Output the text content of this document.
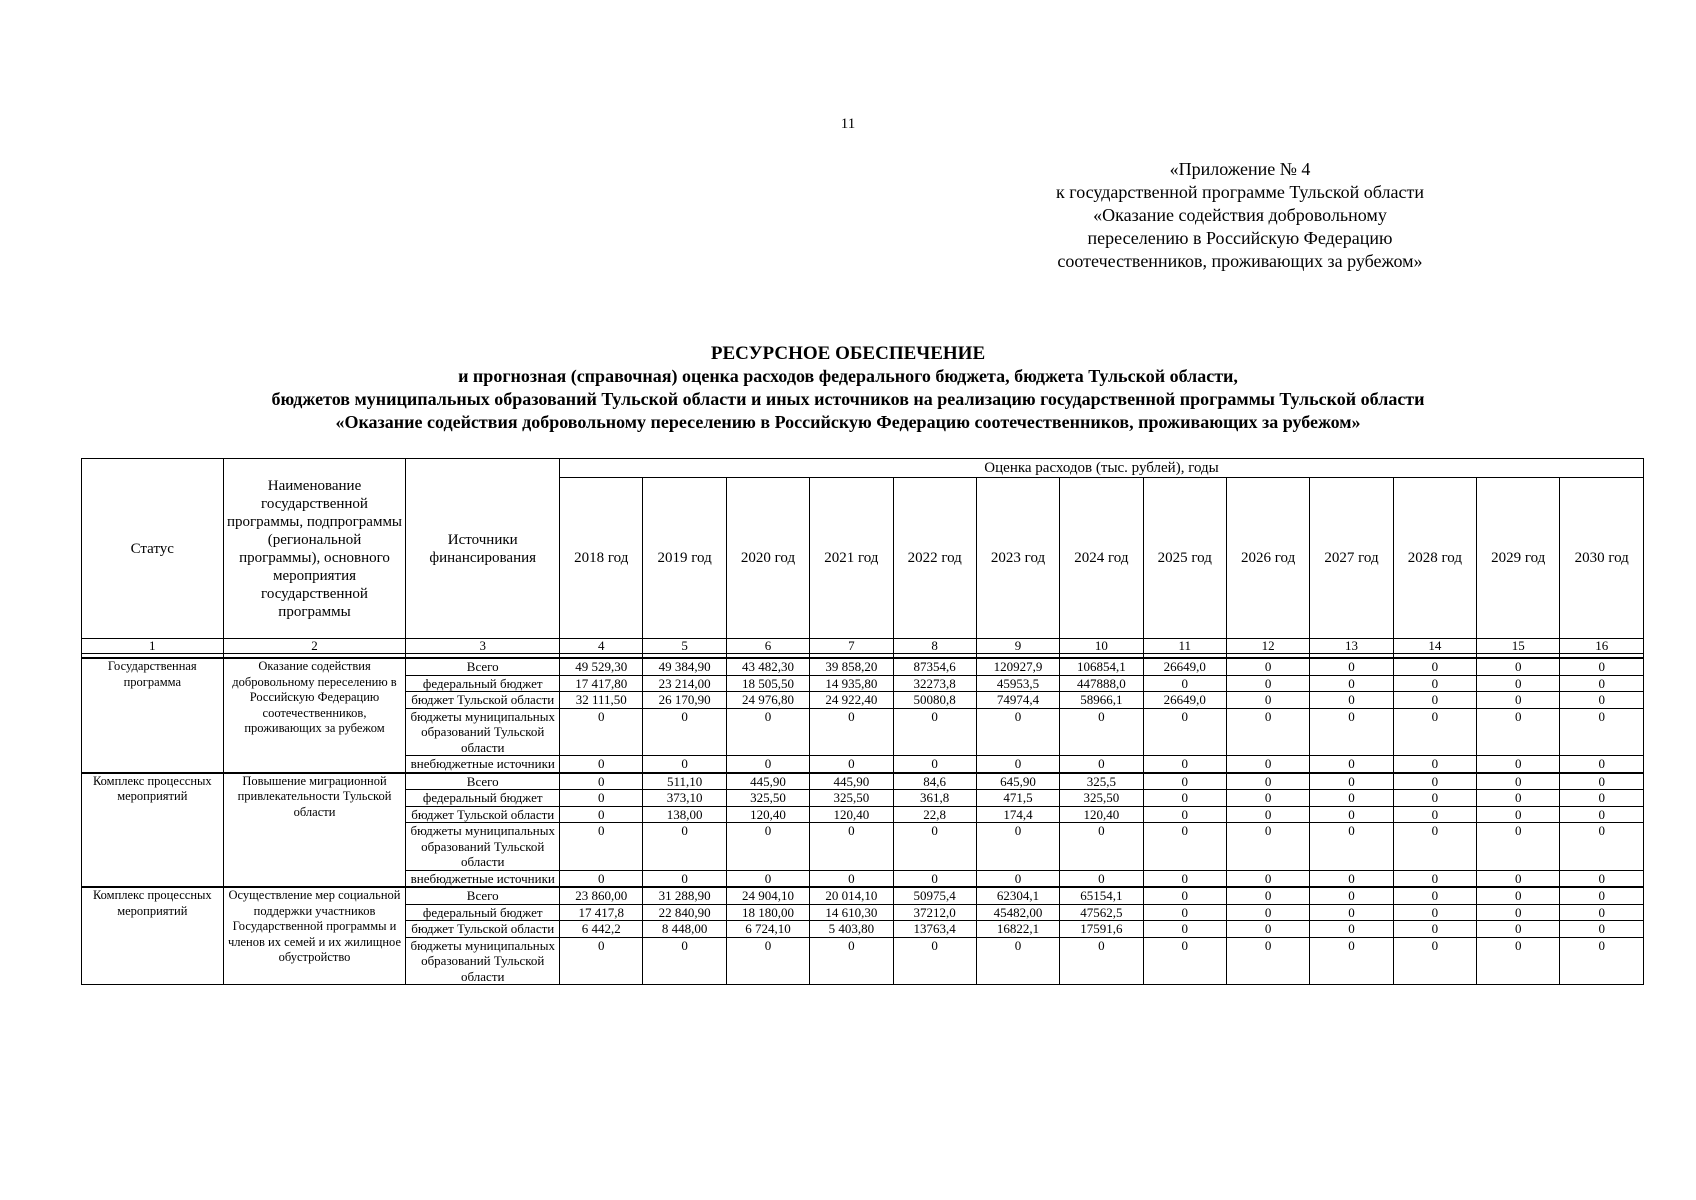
11
«Приложение № 4
к государственной программе Тульской области
«Оказание содействия добровольному
переселению в Российскую Федерацию
соотечественников, проживающих за рубежом»
РЕСУРСНОЕ ОБЕСПЕЧЕНИЕ
и прогнозная (справочная) оценка расходов федерального бюджета, бюджета Тульской области,
бюджетов муниципальных образований Тульской области и иных источников на реализацию государственной программы Тульской области
«Оказание содействия добровольному переселению в Российскую Федерацию соотечественников, проживающих за рубежом»
Статус	Наименование государственной программы, подпрограммы (региональной программы), основного мероприятия государственной программы	Источники финансирования	Оценка расходов (тыс. рублей), годы												
			2018 год	2019 год	2020 год	2021 год	2022 год	2023 год	2024 год	2025 год	2026 год	2027 год	2028 год	2029 год	2030 год
1	2	3	4	5	6	7	8	9	10	11	12	13	14	15	16

Государственная программа	Оказание содействия добровольному переселению в Российскую Федерацию соотечественников, проживающих за рубежом	Всего	49 529,30	49 384,90	43 482,30	39 858,20	87354,6	120927,9	106854,1	26649,0	0	0	0	0	0
		федеральный бюджет	17 417,80	23 214,00	18 505,50	14 935,80	32273,8	45953,5	447888,0	0	0	0	0	0	0
		бюджет Тульской области	32 111,50	26 170,90	24 976,80	24 922,40	50080,8	74974,4	58966,1	26649,0	0	0	0	0	0
		бюджеты муниципальных образований Тульской области	0	0	0	0	0	0	0	0	0	0	0	0	0
		внебюджетные источники	0	0	0	0	0	0	0	0	0	0	0	0	0
Комплекс процессных мероприятий	Повышение миграционной привлекательности Тульской области	Всего	0	511,10	445,90	445,90	84,6	645,90	325,5	0	0	0	0	0	0
		федеральный бюджет	0	373,10	325,50	325,50	361,8	471,5	325,50	0	0	0	0	0	0
		бюджет Тульской области	0	138,00	120,40	120,40	22,8	174,4	120,40	0	0	0	0	0	0
		бюджеты муниципальных образований Тульской области	0	0	0	0	0	0	0	0	0	0	0	0	0
		внебюджетные источники	0	0	0	0	0	0	0	0	0	0	0	0	0
Комплекс процессных мероприятий	Осуществление мер социальной поддержки участников Государственной программы и членов их семей и их жилищное обустройство	Всего	23 860,00	31 288,90	24 904,10	20 014,10	50975,4	62304,1	65154,1	0	0	0	0	0	0
		федеральный бюджет	17 417,8	22 840,90	18 180,00	14 610,30	37212,0	45482,00	47562,5	0	0	0	0	0	0
		бюджет Тульской области	6 442,2	8 448,00	6 724,10	5 403,80	13763,4	16822,1	17591,6	0	0	0	0	0	0
		бюджеты муниципальных образований Тульской области	0	0	0	0	0	0	0	0	0	0	0	0	0
